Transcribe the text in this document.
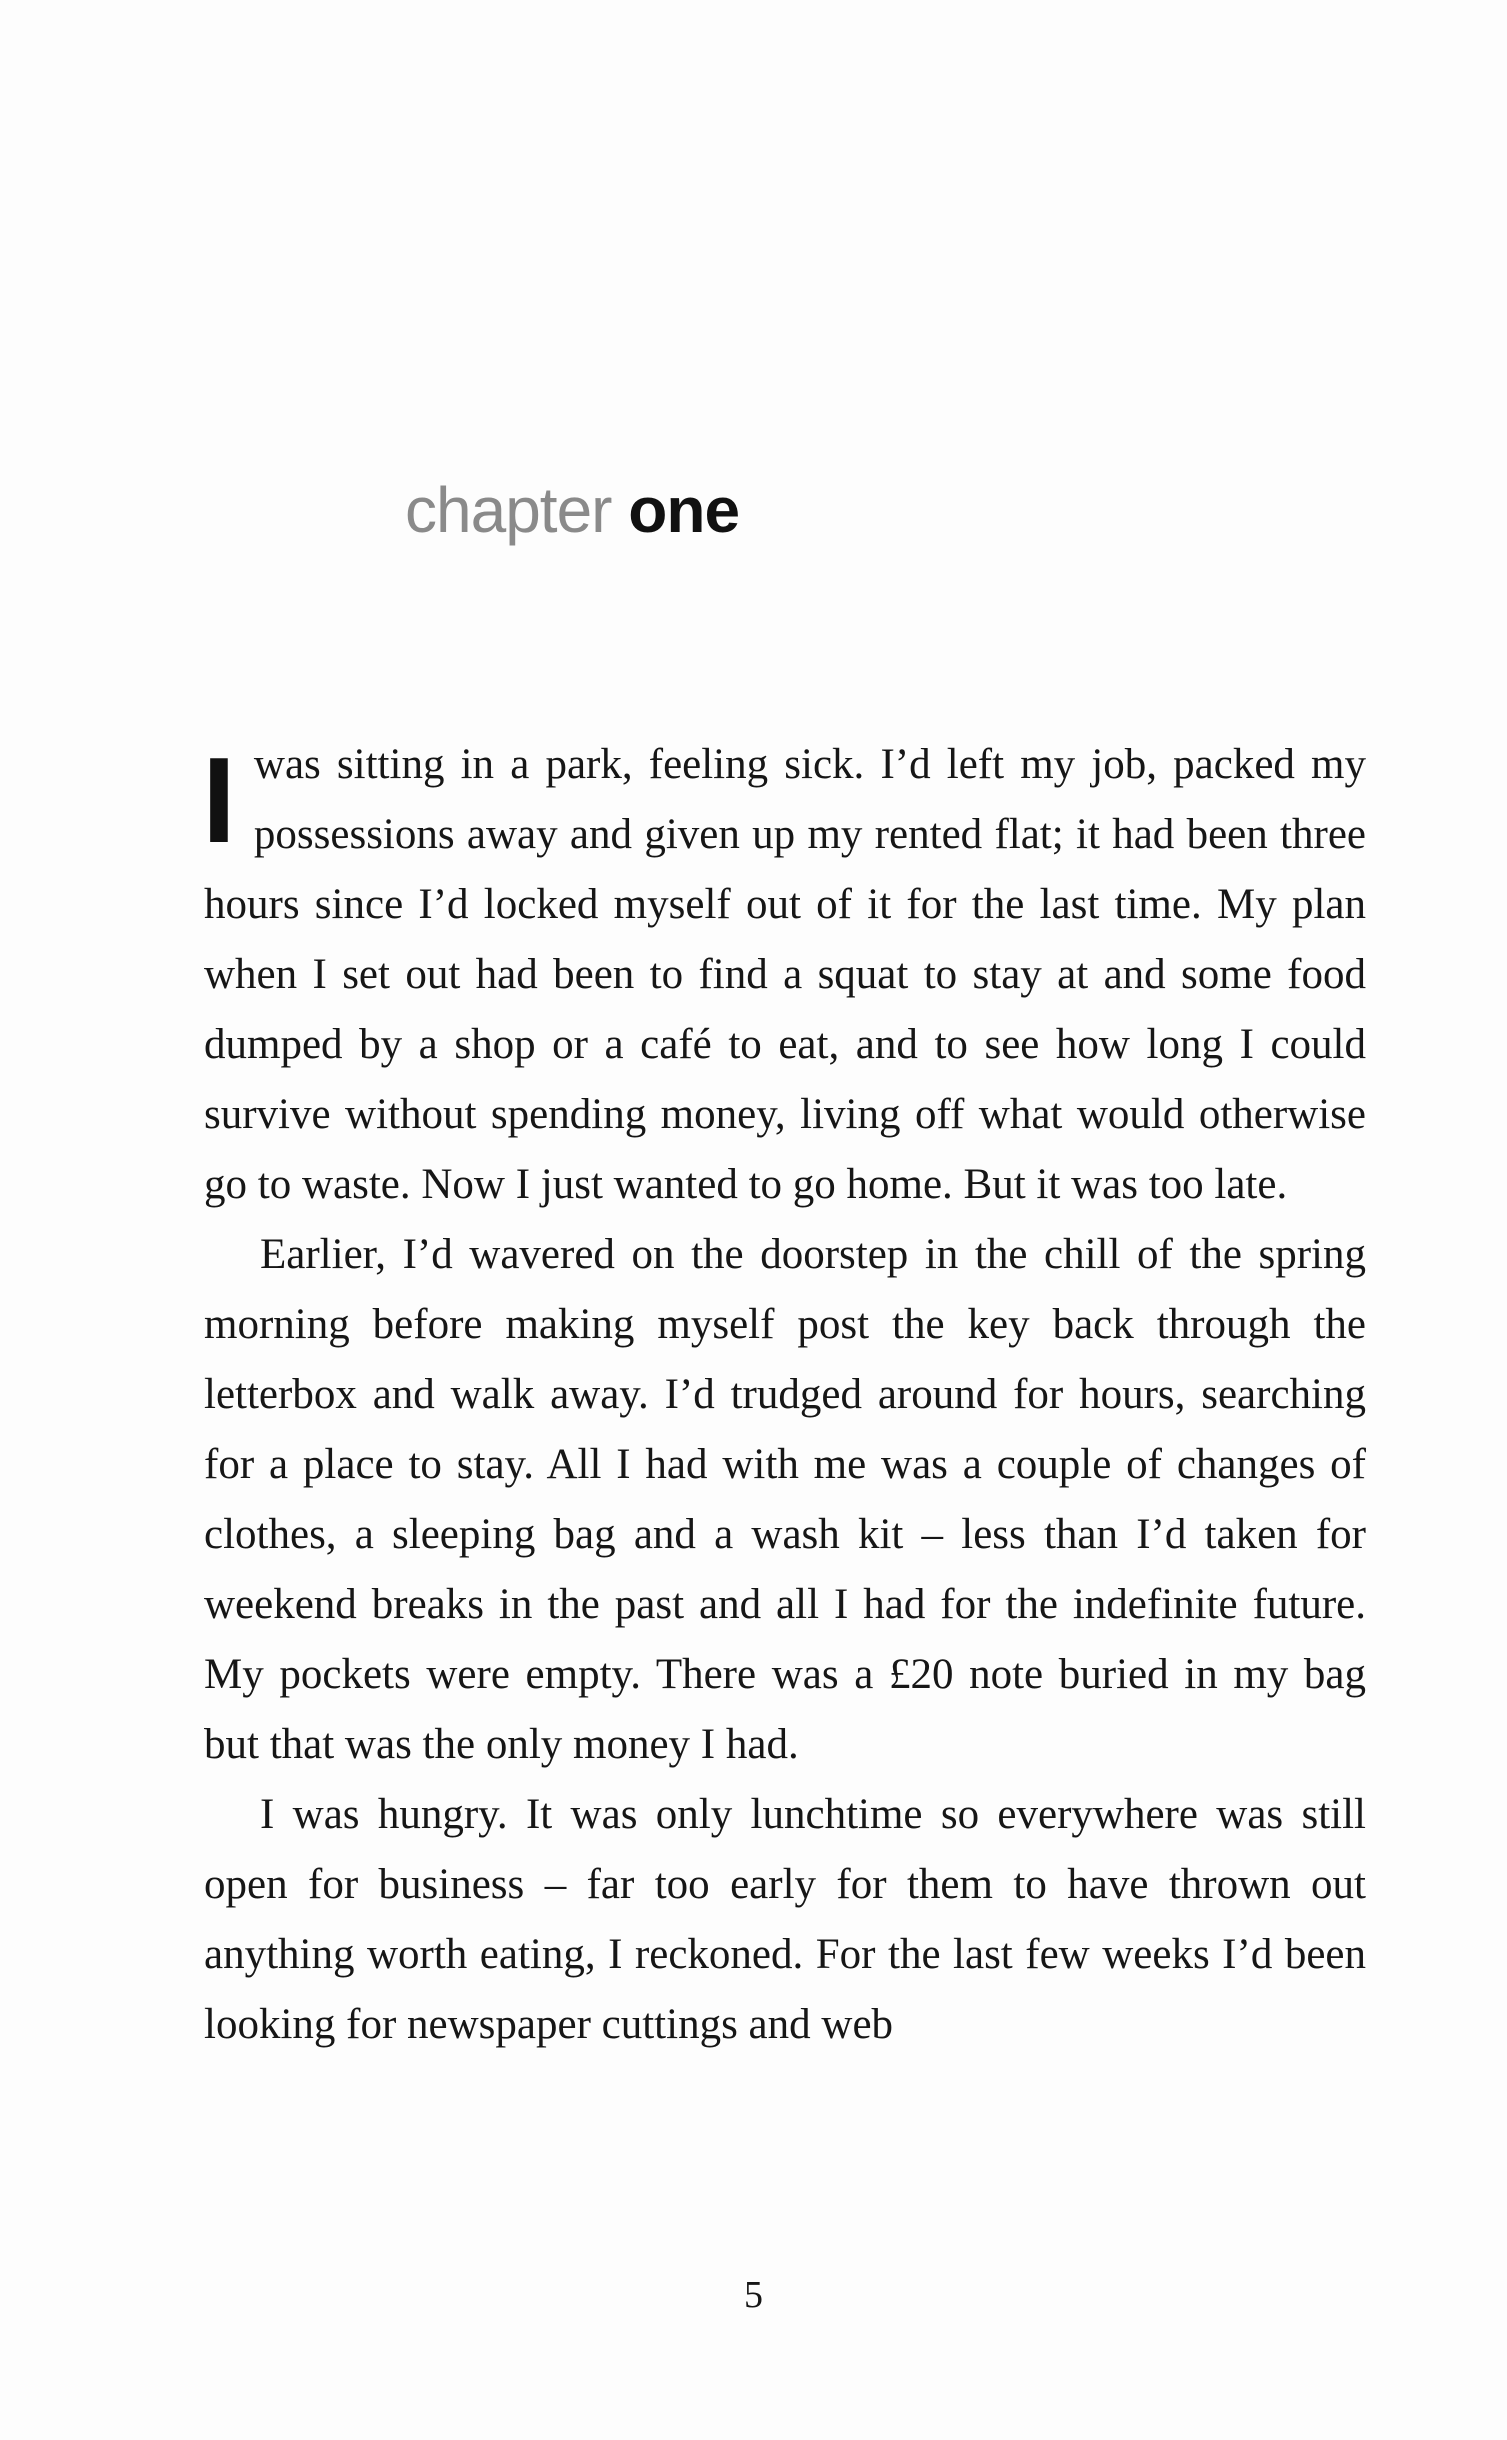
chapter one

I was sitting in a park, feeling sick. I’d left my job, packed my possessions away and given up my rented flat; it had been three hours since I’d locked myself out of it for the last time. My plan when I set out had been to find a squat to stay at and some food dumped by a shop or a café to eat, and to see how long I could survive without spending money, living off what would otherwise go to waste. Now I just wanted to go home. But it was too late.

Earlier, I’d wavered on the doorstep in the chill of the spring morning before making myself post the key back through the letterbox and walk away. I’d trudged around for hours, searching for a place to stay. All I had with me was a couple of changes of clothes, a sleeping bag and a wash kit – less than I’d taken for weekend breaks in the past and all I had for the indefinite future. My pockets were empty. There was a £20 note buried in my bag but that was the only money I had.

I was hungry. It was only lunchtime so everywhere was still open for business – far too early for them to have thrown out anything worth eating, I reckoned. For the last few weeks I’d been looking for newspaper cuttings and web

5
